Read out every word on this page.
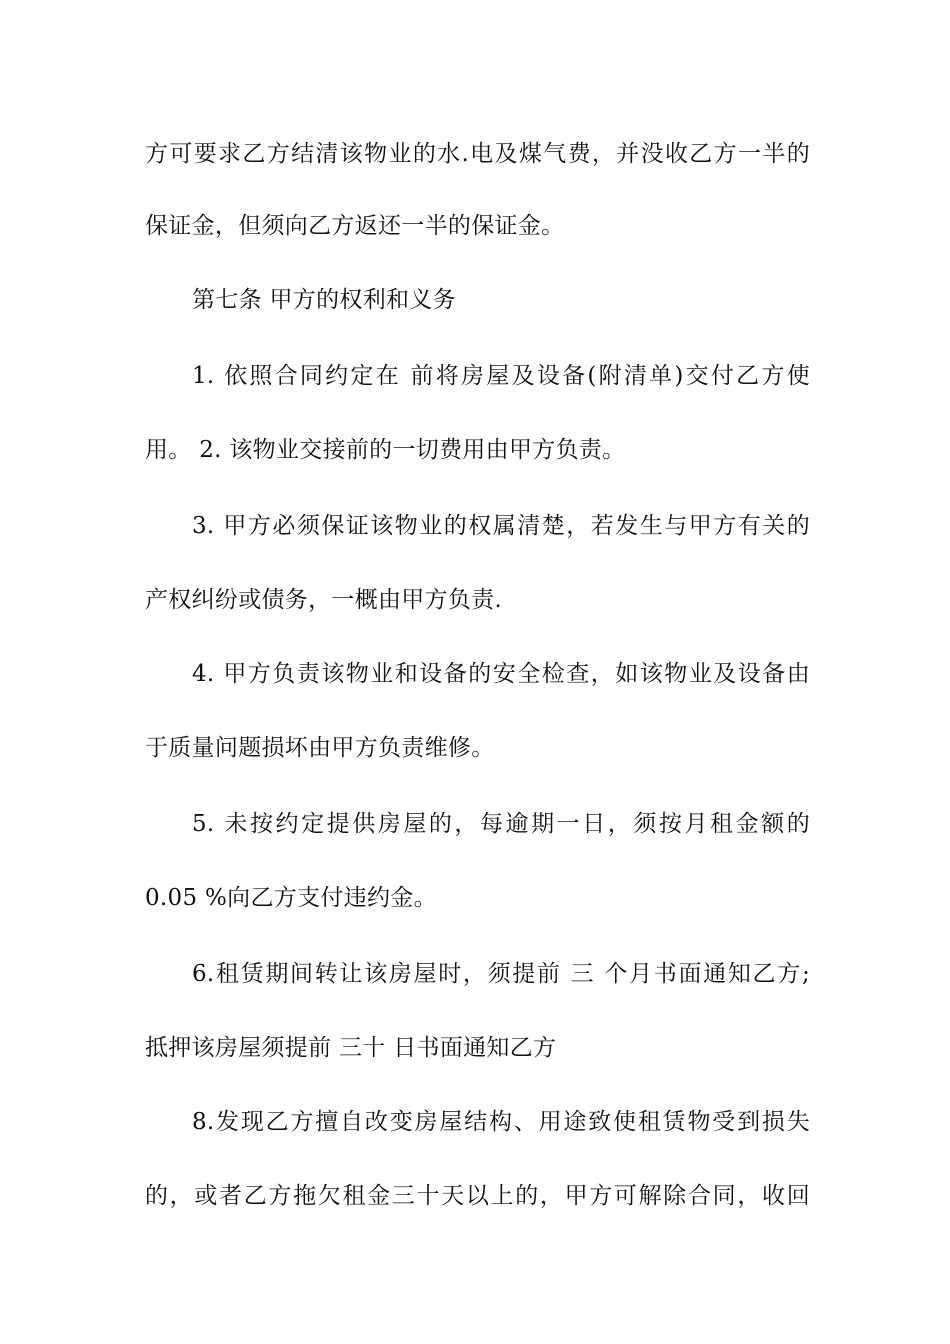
方可要求乙方结清该物业的水.电及煤气费，并没收乙方一半的
保证金，但须向乙方返还一半的保证金。
第七条 甲方的权利和义务
1. 依照合同约定在 前将房屋及设备(附清单)交付乙方使
用。 2. 该物业交接前的一切费用由甲方负责。
3. 甲方必须保证该物业的权属清楚，若发生与甲方有关的
产权纠纷或债务，一概由甲方负责.
4. 甲方负责该物业和设备的安全检查，如该物业及设备由
于质量问题损坏由甲方负责维修。
5. 未按约定提供房屋的，每逾期一日，须按月租金额的
0.05 %向乙方支付违约金。
6.租赁期间转让该房屋时，须提前 三 个月书面通知乙方;
抵押该房屋须提前 三十 日书面通知乙方
8.发现乙方擅自改变房屋结构、用途致使租赁物受到损失
的，或者乙方拖欠租金三十天以上的，甲方可解除合同，收回
